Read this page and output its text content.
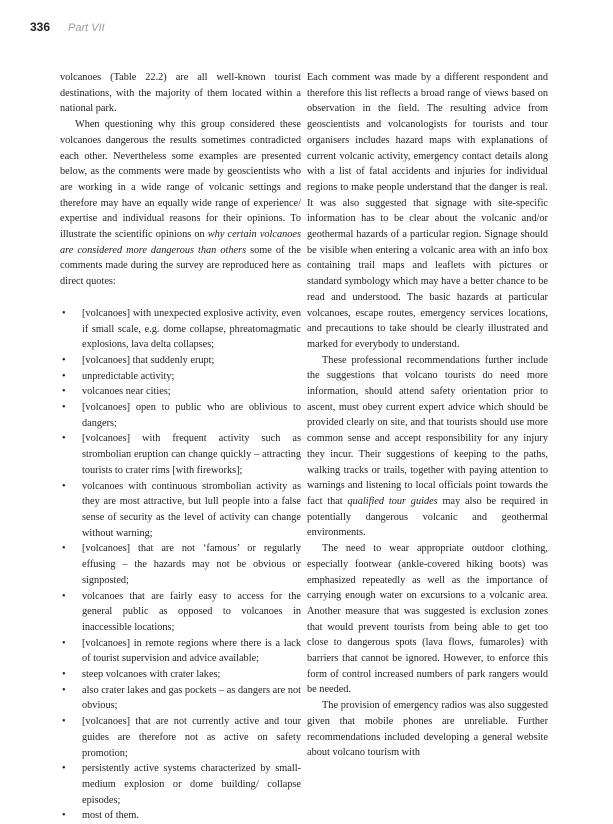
336 Part VII

volcanoes (Table 22.2) are all well-known tourist destinations, with the majority of them located within a national park.

When questioning why this group considered these volcanoes dangerous the results sometimes contradicted each other. Nevertheless some examples are presented below, as the comments were made by geoscientists who are working in a wide range of volcanic settings and therefore may have an equally wide range of experience/ expertise and individual reasons for their opinions. To illustrate the scientific opinions on why certain volcanoes are considered more dangerous than others some of the comments made during the survey are reproduced here as direct quotes:

• [volcanoes] with unexpected explosive activity, even if small scale, e.g. dome collapse, phreatomagmatic explosions, lava delta collapses;
• [volcanoes] that suddenly erupt;
• unpredictable activity;
• volcanoes near cities;
• [volcanoes] open to public who are oblivious to dangers;
• [volcanoes] with frequent activity such as strombolian eruption can change quickly – attracting tourists to crater rims [with fireworks];
• volcanoes with continuous strombolian activity as they are most attractive, but lull people into a false sense of security as the level of activity can change without warning;
• [volcanoes] that are not ‘famous’ or regularly effusing – the hazards may not be obvious or signposted;
• volcanoes that are fairly easy to access for the general public as opposed to volcanoes in inaccessible locations;
• [volcanoes] in remote regions where there is a lack of tourist supervision and advice available;
• steep volcanoes with crater lakes;
• also crater lakes and gas pockets – as dangers are not obvious;
• [volcanoes] that are not currently active and tour guides are therefore not as active on safety promotion;
• persistently active systems characterized by small-medium explosion or dome building/ collapse episodes;
• most of them.

Each comment was made by a different respondent and therefore this list reflects a broad range of views based on observation in the field. The resulting advice from geoscientists and volcanologists for tourists and tour organisers includes hazard maps with explanations of current volcanic activity, emergency contact details along with a list of fatal accidents and injuries for individual regions to make people understand that the danger is real. It was also suggested that signage with site-specific information has to be clear about the volcanic and/or geothermal hazards of a particular region. Signage should be visible when entering a volcanic area with an info box containing trail maps and leaflets with pictures or standard symbology which may have a better chance to be read and understood. The basic hazards at particular volcanoes, escape routes, emergency services locations, and precautions to take should be clearly illustrated and marked for everybody to understand.

These professional recommendations further include the suggestions that volcano tourists do need more information, should attend safety orientation prior to ascent, must obey current expert advice which should be provided clearly on site, and that tourists should use more common sense and accept responsibility for any injury they incur. Their suggestions of keeping to the paths, walking tracks or trails, together with paying attention to warnings and listening to local officials point towards the fact that qualified tour guides may also be required in potentially dangerous volcanic and geothermal environments.

The need to wear appropriate outdoor clothing, especially footwear (ankle-covered hiking boots) was emphasized repeatedly as well as the importance of carrying enough water on excursions to a volcanic area. Another measure that was suggested is exclusion zones that would prevent tourists from being able to get too close to dangerous spots (lava flows, fumaroles) with barriers that cannot be ignored. However, to enforce this form of control increased numbers of park rangers would be needed.

The provision of emergency radios was also suggested given that mobile phones are unreliable. Further recommendations included developing a general website about volcano tourism with
